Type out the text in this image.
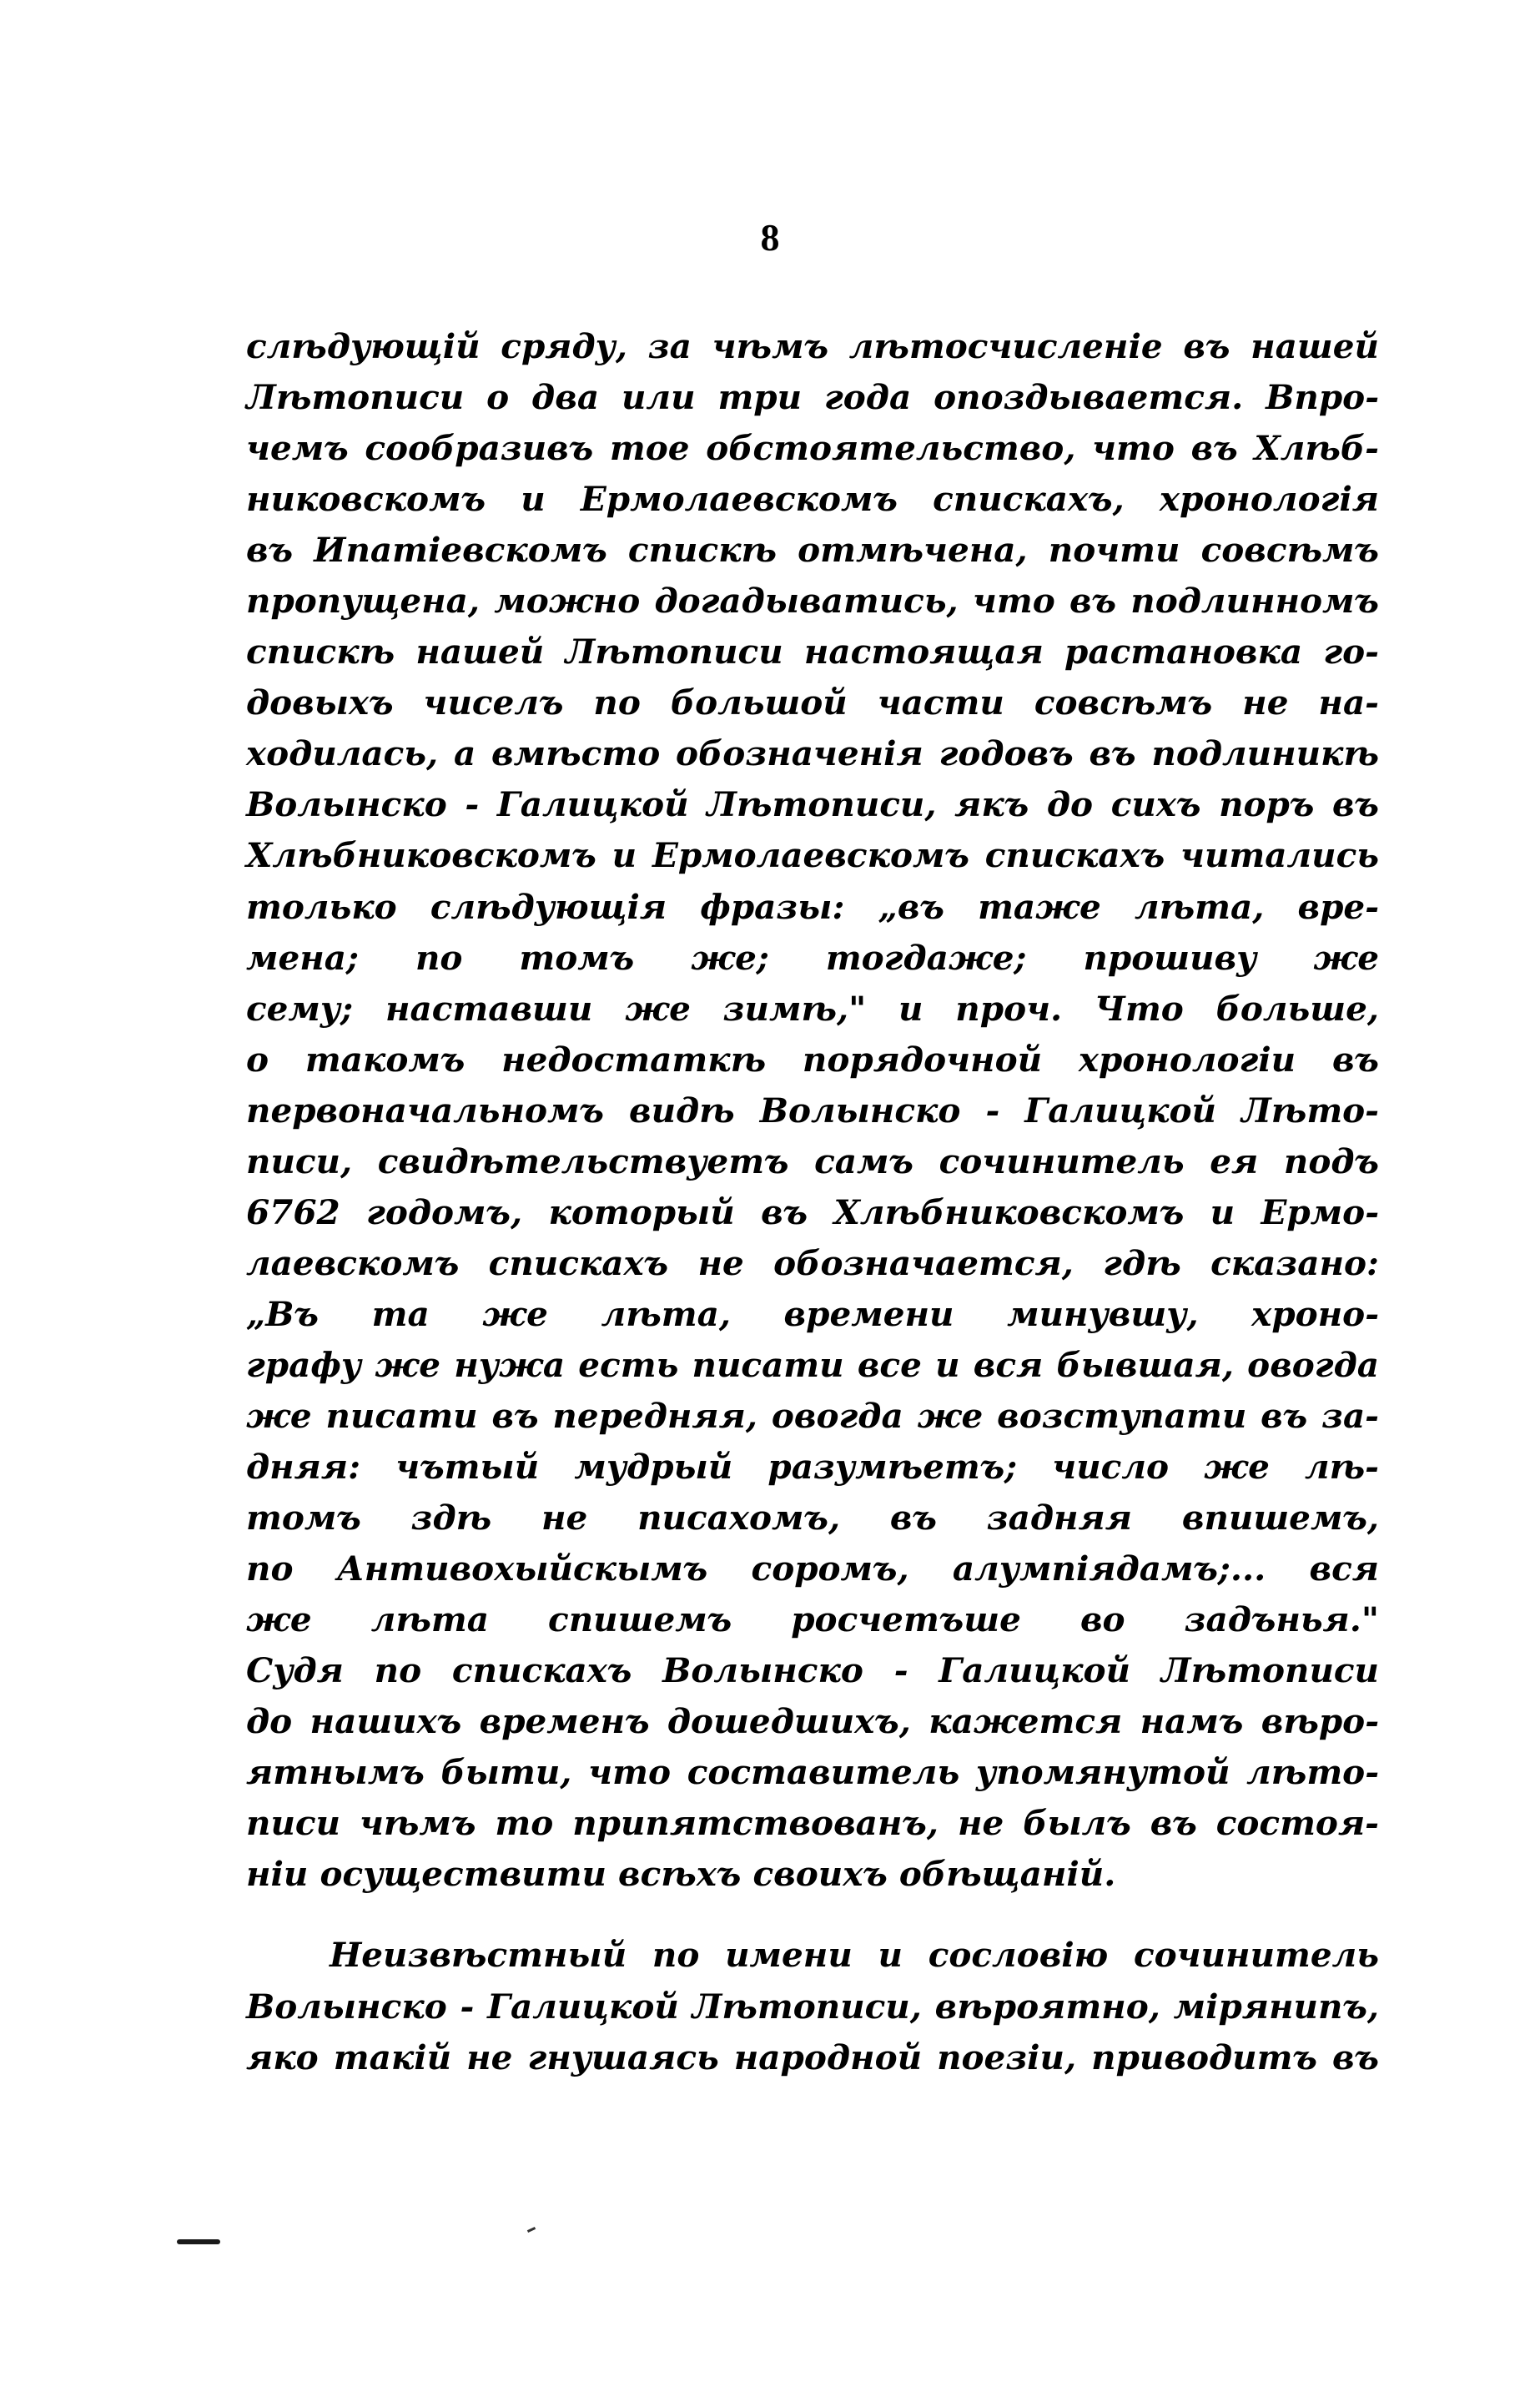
8
слѣдующій сряду, за чѣмъ лѣтосчисленіе въ нашей
Лѣтописи о два или три года опоздываетcя. Впро-
чемъ сообразивъ тое обстоятельство, что въ Хлѣб-
никовскомъ и Ермолаевскомъ спискахъ, хронологія
въ Ипатіевскомъ спискѣ отмѣчена, почти совсѣмъ
пропущена, можно догадыватись, что въ подлинномъ
спискѣ нашей Лѣтописи настоящая растановка го-
довыхъ чиселъ по большой части совсѣмъ не на-
ходилась, а вмѣсто обозначенія годовъ въ подлиникѣ
Волынско - Галицкой Лѣтописи, якъ до сихъ поръ въ
Хлѣбниковскомъ и Ермолаевскомъ спискахъ читались
только слѣдующія фразы: „въ таже лѣта, вре-
мена; по томъ же; тогдаже; прошиву же
сему; наставши же зимѣ," и проч. Что больше,
о такомъ недостаткѣ порядочной хронологіи въ
первоначальномъ видѣ Волынско - Галицкой Лѣто-
писи, свидѣтельствуетъ самъ сочинитель ея подъ
6762 годомъ, который въ Хлѣбниковскомъ и Ермо-
лаевскомъ спискахъ не обозначается, гдѣ сказано:
„Въ та же лѣта, времени минувшу, хроно-
графу же нужа есть писати все и вся бывшая, овогда
же писати въ передняя, овогда же возступати въ за-
дняя: чътый мудрый разумѣетъ; число же лѣ-
томъ здѣ не писахомъ, въ задняя впишемъ,
по Антивохыйскымъ соромъ, алумпіядамъ;... вся
же лѣта спишемъ росчетъше во задънья."
Судя по спискахъ Волынско - Галицкой Лѣтописи
до нашихъ временъ дошедшихъ, кажется намъ вѣро-
ятнымъ быти, что составитель упомянутой лѣто-
писи чѣмъ то припятствованъ, не былъ въ состоя-
ніи осуществити всѣхъ своихъ обѣщаній.
Неизвѣстный по имени и сословію сочинитель
Волынско - Галицкой Лѣтописи, вѣроятно, міряниnъ,
яко такій не гнушаясь народной поезіи, приводитъ въ
